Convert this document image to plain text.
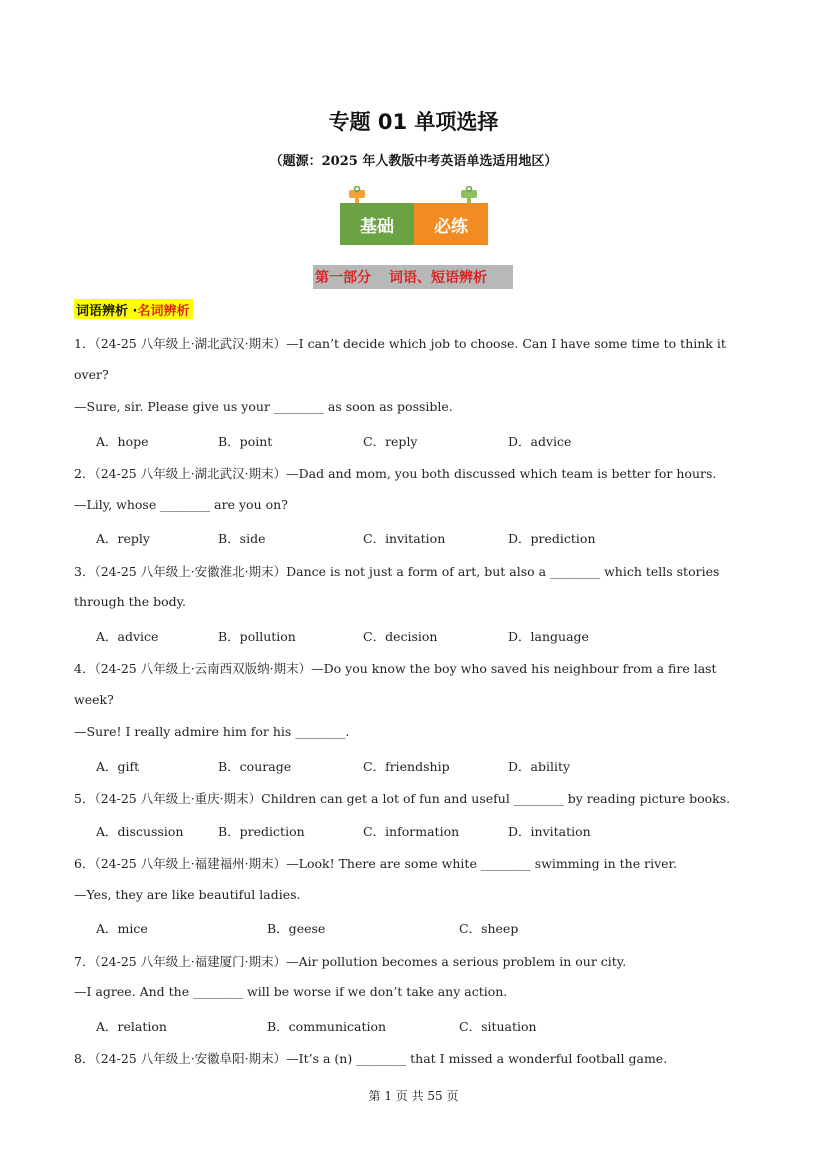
专题 01 单项选择
（题源：2025 年人教版中考英语单选适用地区）
基础	必练
第一部分 词语、短语辨析
词语辨析 · 名词辨析
1．（24-25 八年级上·湖北武汉·期末）—I can’t decide which job to choose. Can I have some time to think it
over?
—Sure, sir. Please give us your ________ as soon as possible.
A．hope	B．point	C．reply	D．advice
2．（24-25 八年级上·湖北武汉·期末）—Dad and mom, you both discussed which team is better for hours.
—Lily, whose ________ are you on?
A．reply	B．side	C．invitation	D．prediction
3．（24-25 八年级上·安徽淮北·期末）Dance is not just a form of art, but also a ________ which tells stories
through the body.
A．advice	B．pollution	C．decision	D．language
4．（24-25 八年级上·云南西双版纳·期末）—Do you know the boy who saved his neighbour from a fire last
week?
—Sure! I really admire him for his ________.
A．gift	B．courage	C．friendship	D．ability
5．（24-25 八年级上·重庆·期末）Children can get a lot of fun and useful ________ by reading picture books.
A．discussion	B．prediction	C．information	D．invitation
6．（24-25 八年级上·福建福州·期末）—Look! There are some white ________ swimming in the river.
—Yes, they are like beautiful ladies.
A．mice	B．geese	C．sheep
7．（24-25 八年级上·福建厦门·期末）—Air pollution becomes a serious problem in our city.
—I agree. And the ________ will be worse if we don’t take any action.
A．relation	B．communication	C．situation
8．（24-25 八年级上·安徽阜阳·期末）—It’s a (n) ________ that I missed a wonderful football game.
第 1 页 共 55 页
